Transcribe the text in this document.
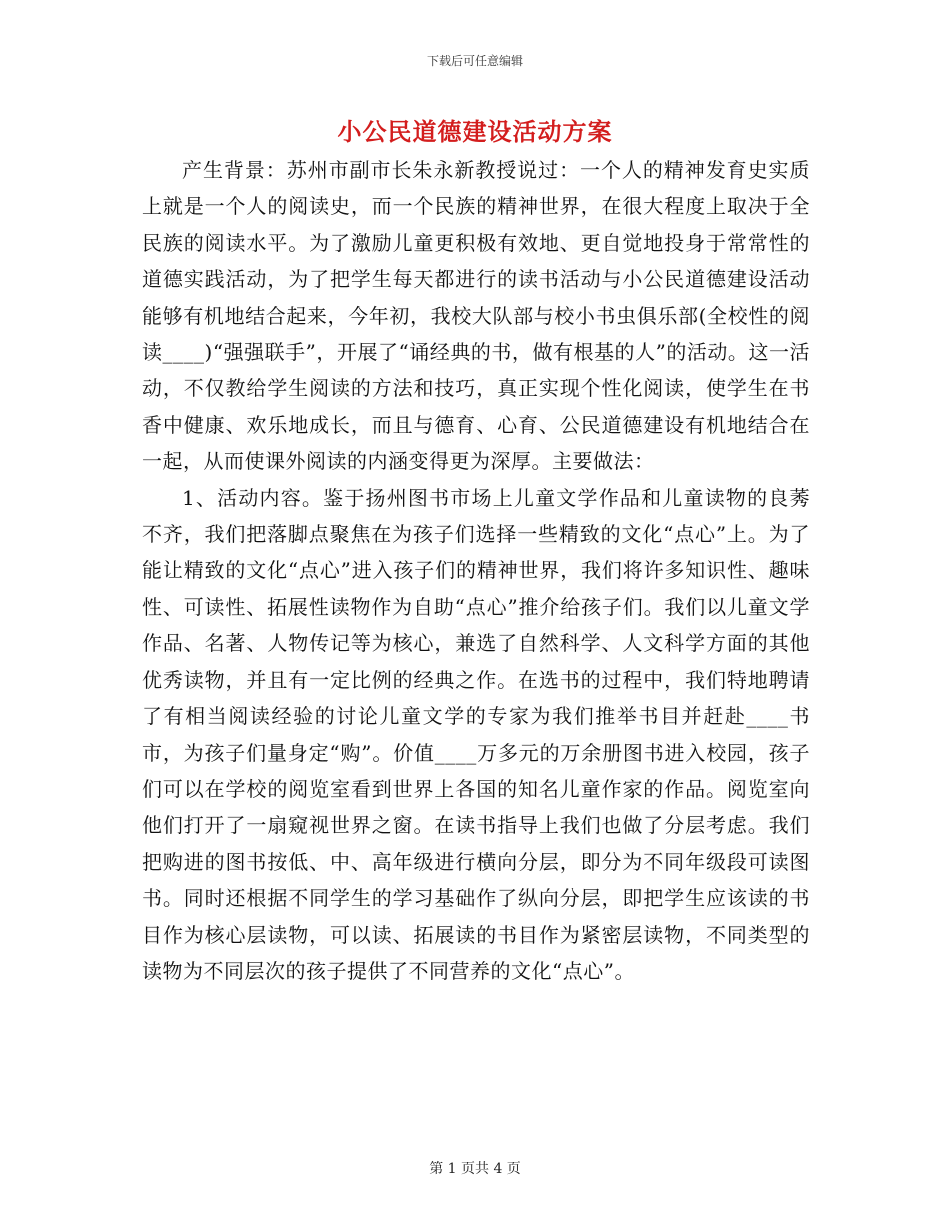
下载后可任意编辑
小公民道德建设活动方案

产生背景：苏州市副市长朱永新教授说过：一个人的精神发育史实质上就是一个人的阅读史，而一个民族的精神世界，在很大程度上取决于全民族的阅读水平。为了激励儿童更积极有效地、更自觉地投身于常常性的道德实践活动，为了把学生每天都进行的读书活动与小公民道德建设活动能够有机地结合起来，今年初，我校大队部与校小书虫俱乐部(全校性的阅读____)“强强联手”，开展了“诵经典的书，做有根基的人”的活动。这一活动，不仅教给学生阅读的方法和技巧，真正实现个性化阅读，使学生在书香中健康、欢乐地成长，而且与德育、心育、公民道德建设有机地结合在一起，从而使课外阅读的内涵变得更为深厚。主要做法：

1、活动内容。鉴于扬州图书市场上儿童文学作品和儿童读物的良莠不齐，我们把落脚点聚焦在为孩子们选择一些精致的文化“点心”上。为了能让精致的文化“点心”进入孩子们的精神世界，我们将许多知识性、趣味性、可读性、拓展性读物作为自助“点心”推介给孩子们。我们以儿童文学作品、名著、人物传记等为核心，兼选了自然科学、人文科学方面的其他优秀读物，并且有一定比例的经典之作。在选书的过程中，我们特地聘请了有相当阅读经验的讨论儿童文学的专家为我们推举书目并赶赴____书市，为孩子们量身定“购”。价值____万多元的万余册图书进入校园，孩子们可以在学校的阅览室看到世界上各国的知名儿童作家的作品。阅览室向他们打开了一扇窥视世界之窗。在读书指导上我们也做了分层考虑。我们把购进的图书按低、中、高年级进行横向分层，即分为不同年级段可读图书。同时还根据不同学生的学习基础作了纵向分层，即把学生应该读的书目作为核心层读物，可以读、拓展读的书目作为紧密层读物，不同类型的读物为不同层次的孩子提供了不同营养的文化“点心”。

第 1 页共 4 页
